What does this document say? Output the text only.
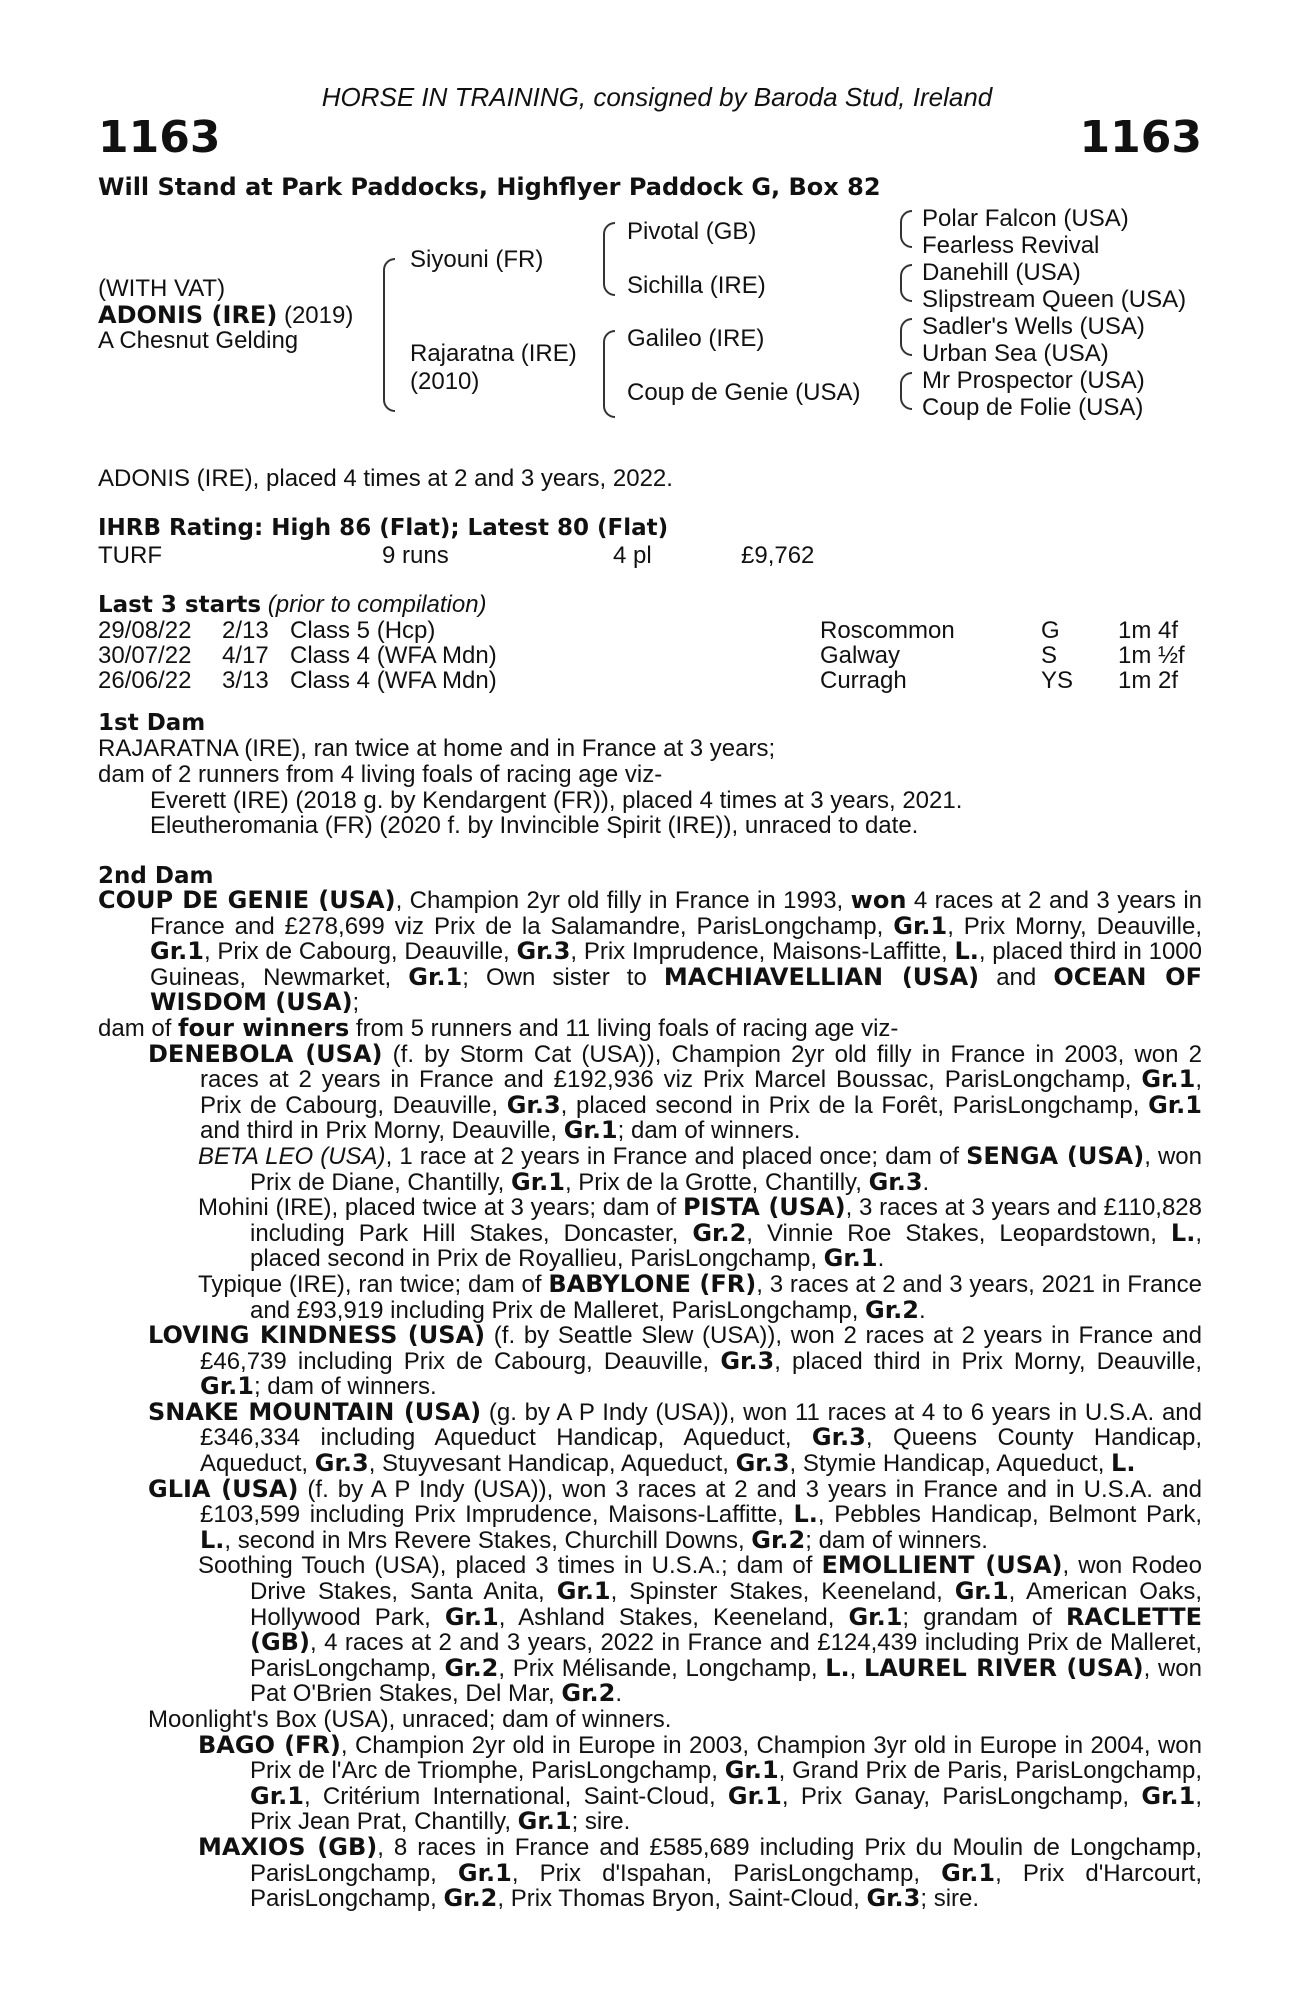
HORSE IN TRAINING, consigned by Baroda Stud, Ireland
1163	1163
Will Stand at Park Paddocks, Highflyer Paddock G, Box 82
(WITH VAT)
ADONIS (IRE) (2019)
A Chesnut Gelding
Siyouni (FR)
Rajaratna (IRE)
(2010)
Pivotal (GB)
Sichilla (IRE)
Galileo (IRE)
Coup de Genie (USA)
Polar Falcon (USA)
Fearless Revival
Danehill (USA)
Slipstream Queen (USA)
Sadler's Wells (USA)
Urban Sea (USA)
Mr Prospector (USA)
Coup de Folie (USA)
ADONIS (IRE), placed 4 times at 2 and 3 years, 2022.
IHRB Rating: High 86 (Flat); Latest 80 (Flat)
TURF	9 runs	4 pl	£9,762
Last 3 starts (prior to compilation)
29/08/22 2/13 Class 5 (Hcp)	Roscommon	G 1m 4f
30/07/22 4/17 Class 4 (WFA Mdn)	Galway	S	1m ½f
26/06/22 3/13 Class 4 (WFA Mdn)	Curragh	YS 1m 2f
1st Dam
RAJARATNA (IRE), ran twice at home and in France at 3 years;
dam of 2 runners from 4 living foals of racing age viz-
Everett (IRE) (2018 g. by Kendargent (FR)), placed 4 times at 3 years, 2021.
Eleutheromania (FR) (2020 f. by Invincible Spirit (IRE)), unraced to date.
2nd Dam

COUP DE GENIE (USA), Champion 2yr old filly in France in 1993, won 4 races at 2 and 3 years in France and £278,699 viz Prix de la Salamandre, ParisLongchamp, Gr.1, Prix Morny, Deauville, Gr.1, Prix de Cabourg, Deauville, Gr.3, Prix Imprudence, Maisons-Laffitte, L., placed third in 1000 Guineas, Newmarket, Gr.1; Own sister to MACHIAVELLIAN (USA) and OCEAN OF WISDOM (USA);

dam of four winners from 5 runners and 11 living foals of racing age viz-

DENEBOLA (USA) (f. by Storm Cat (USA)), Champion 2yr old filly in France in 2003, won 2 races at 2 years in France and £192,936 viz Prix Marcel Boussac, ParisLongchamp, Gr.1, Prix de Cabourg, Deauville, Gr.3, placed second in Prix de la Forêt, ParisLongchamp, Gr.1 and third in Prix Morny, Deauville, Gr.1; dam of winners.

BETA LEO (USA), 1 race at 2 years in France and placed once; dam of SENGA (USA), won Prix de Diane, Chantilly, Gr.1, Prix de la Grotte, Chantilly, Gr.3.

Mohini (IRE), placed twice at 3 years; dam of PISTA (USA), 3 races at 3 years and £110,828 including Park Hill Stakes, Doncaster, Gr.2, Vinnie Roe Stakes, Leopardstown, L., placed second in Prix de Royallieu, ParisLongchamp, Gr.1.

Typique (IRE), ran twice; dam of BABYLONE (FR), 3 races at 2 and 3 years, 2021 in France and £93,919 including Prix de Malleret, ParisLongchamp, Gr.2.

LOVING KINDNESS (USA) (f. by Seattle Slew (USA)), won 2 races at 2 years in France and £46,739 including Prix de Cabourg, Deauville, Gr.3, placed third in Prix Morny, Deauville, Gr.1; dam of winners.

SNAKE MOUNTAIN (USA) (g. by A P Indy (USA)), won 11 races at 4 to 6 years in U.S.A. and £346,334 including Aqueduct Handicap, Aqueduct, Gr.3, Queens County Handicap, Aqueduct, Gr.3, Stuyvesant Handicap, Aqueduct, Gr.3, Stymie Handicap, Aqueduct, L.

GLIA (USA) (f. by A P Indy (USA)), won 3 races at 2 and 3 years in France and in U.S.A. and £103,599 including Prix Imprudence, Maisons-Laffitte, L., Pebbles Handicap, Belmont Park, L., second in Mrs Revere Stakes, Churchill Downs, Gr.2; dam of winners.

Soothing Touch (USA), placed 3 times in U.S.A.; dam of EMOLLIENT (USA), won Rodeo Drive Stakes, Santa Anita, Gr.1, Spinster Stakes, Keeneland, Gr.1, American Oaks, Hollywood Park, Gr.1, Ashland Stakes, Keeneland, Gr.1; grandam of RACLETTE (GB), 4 races at 2 and 3 years, 2022 in France and £124,439 including Prix de Malleret, ParisLongchamp, Gr.2, Prix Mélisande, Longchamp, L., LAUREL RIVER (USA), won Pat O'Brien Stakes, Del Mar, Gr.2.

Moonlight's Box (USA), unraced; dam of winners.

BAGO (FR), Champion 2yr old in Europe in 2003, Champion 3yr old in Europe in 2004, won Prix de l'Arc de Triomphe, ParisLongchamp, Gr.1, Grand Prix de Paris, ParisLongchamp, Gr.1, Critérium International, Saint-Cloud, Gr.1, Prix Ganay, ParisLongchamp, Gr.1, Prix Jean Prat, Chantilly, Gr.1; sire.

MAXIOS (GB), 8 races in France and £585,689 including Prix du Moulin de Longchamp, ParisLongchamp, Gr.1, Prix d'Ispahan, ParisLongchamp, Gr.1, Prix d'Harcourt, ParisLongchamp, Gr.2, Prix Thomas Bryon, Saint-Cloud, Gr.3; sire.
